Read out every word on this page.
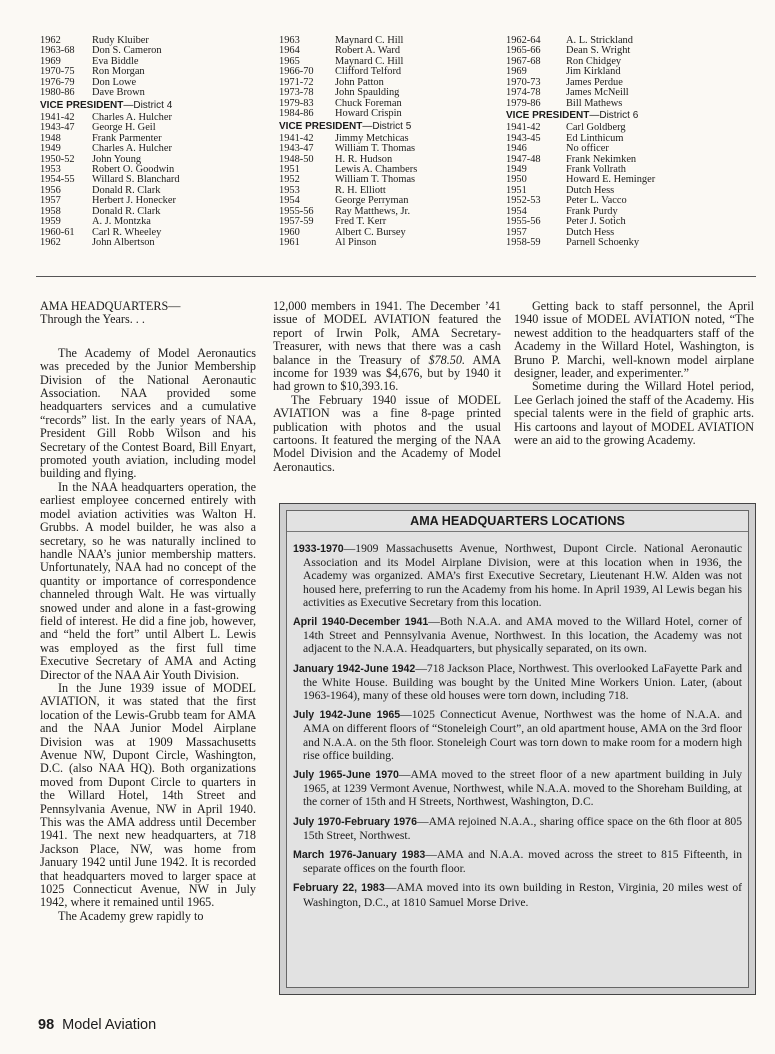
1962	Rudy Kluiber
1963-68	Don S. Cameron
1969	Eva Biddle
1970-75	Ron Morgan
1976-79	Don Lowe
1980-86	Dave Brown
VICE PRESIDENT—District 4
1941-42	Charles A. Hulcher
1943-47	George H. Geil
1948	Frank Parmenter
1949	Charles A. Hulcher
1950-52	John Young
1953	Robert O. Goodwin
1954-55	Willard S. Blanchard
1956	Donald R. Clark
1957	Herbert J. Honecker
1958	Donald R. Clark
1959	A. J. Montzka
1960-61	Carl R. Wheeley
1962	John Albertson
1963	Maynard C. Hill
1964	Robert A. Ward
1965	Maynard C. Hill
1966-70	Clifford Telford
1971-72	John Patton
1973-78	John Spaulding
1979-83	Chuck Foreman
1984-86	Howard Crispin
VICE PRESIDENT—District 5
1941-42	Jimmy Metchicas
1943-47	William T. Thomas
1948-50	H. R. Hudson
1951	Lewis A. Chambers
1952	William T. Thomas
1953	R. H. Elliott
1954	George Perryman
1955-56	Ray Matthews, Jr.
1957-59	Fred T. Kerr
1960	Albert C. Bursey
1961	Al Pinson
1962-64	A. L. Strickland
1965-66	Dean S. Wright
1967-68	Ron Chidgey
1969	Jim Kirkland
1970-73	James Perdue
1974-78	James McNeill
1979-86	Bill Mathews
VICE PRESIDENT—District 6
1941-42	Carl Goldberg
1943-45	Ed Linthicum
1946	No officer
1947-48	Frank Nekimken
1949	Frank Vollrath
1950	Howard E. Heminger
1951	Dutch Hess
1952-53	Peter L. Vacco
1954	Frank Purdy
1955-56	Peter J. Sotich
1957	Dutch Hess
1958-59	Parnell Schoenky
AMA HEADQUARTERS—
Through the Years. . .

The Academy of Model Aeronautics was preceded by the Junior Membership Division of the National Aeronautic Association. NAA provided some headquarters services and a cumulative “records” list. In the early years of NAA, President Gill Robb Wilson and his Secretary of the Contest Board, Bill Enyart, promoted youth aviation, including model building and flying.

In the NAA headquarters operation, the earliest employee concerned entirely with model aviation activities was Walton H. Grubbs. A model builder, he was also a secretary, so he was naturally inclined to handle NAA’s junior membership matters. Unfortunately, NAA had no concept of the quantity or importance of correspondence channeled through Walt. He was virtually snowed under and alone in a fast-growing field of interest. He did a fine job, however, and “held the fort” until Albert L. Lewis was employed as the first full time Executive Secretary of AMA and Acting Director of the NAA Air Youth Division.

In the June 1939 issue of MODEL AVIATION, it was stated that the first location of the Lewis-Grubb team for AMA and the NAA Junior Model Airplane Division was at 1909 Massachusetts Avenue NW, Dupont Circle, Washington, D.C. (also NAA HQ). Both organizations moved from Dupont Circle to quarters in the Willard Hotel, 14th Street and Pennsylvania Avenue, NW in April 1940. This was the AMA address until December 1941. The next new headquarters, at 718 Jackson Place, NW, was home from January 1942 until June 1942. It is recorded that headquarters moved to larger space at 1025 Connecticut Avenue, NW in July 1942, where it remained until 1965.

The Academy grew rapidly to

12,000 members in 1941. The December ’41 issue of MODEL AVIATION featured the report of Irwin Polk, AMA Secretary-Treasurer, with news that there was a cash balance in the Treasury of $78.50. AMA income for 1939 was $4,676, but by 1940 it had grown to $10,393.16.

The February 1940 issue of MODEL AVIATION was a fine 8-page printed publication with photos and the usual cartoons. It featured the merging of the NAA Model Division and the Academy of Model Aeronautics.

Getting back to staff personnel, the April 1940 issue of MODEL AVIATION noted, “The newest addition to the headquarters staff of the Academy in the Willard Hotel, Washington, is Bruno P. Marchi, well-known model airplane designer, leader, and experimenter.”

Sometime during the Willard Hotel period, Lee Gerlach joined the staff of the Academy. His special talents were in the field of graphic arts. His cartoons and layout of MODEL AVIATION were an aid to the growing Academy.

AMA HEADQUARTERS LOCATIONS
1933-1970—1909 Massachusetts Avenue, Northwest, Dupont Circle. National Aeronautic Association and its Model Airplane Division, were at this location when in 1936, the Academy was organized. AMA’s first Executive Secretary, Lieutenant H.W. Alden was not housed here, preferring to run the Academy from his home. In April 1939, Al Lewis began his activities as Executive Secretary from this location.
April 1940-December 1941—Both N.A.A. and AMA moved to the Willard Hotel, corner of 14th Street and Pennsylvania Avenue, Northwest. In this location, the Academy was not adjacent to the N.A.A. Headquarters, but physically separated, on its own.
January 1942-June 1942—718 Jackson Place, Northwest. This overlooked LaFayette Park and the White House. Building was bought by the United Mine Workers Union. Later, (about 1963-1964), many of these old houses were torn down, including 718.
July 1942-June 1965—1025 Connecticut Avenue, Northwest was the home of N.A.A. and AMA on different floors of “Stoneleigh Court”, an old apartment house, AMA on the 3rd floor and N.A.A. on the 5th floor. Stoneleigh Court was torn down to make room for a modern high rise office building.
July 1965-June 1970—AMA moved to the street floor of a new apartment building in July 1965, at 1239 Vermont Avenue, Northwest, while N.A.A. moved to the Shoreham Building, at the corner of 15th and H Streets, Northwest, Washington, D.C.
July 1970-February 1976—AMA rejoined N.A.A., sharing office space on the 6th floor at 805 15th Street, Northwest.
March 1976-January 1983—AMA and N.A.A. moved across the street to 815 Fifteenth, in separate offices on the fourth floor.
February 22, 1983—AMA moved into its own building in Reston, Virginia, 20 miles west of Washington, D.C., at 1810 Samuel Morse Drive.
98 Model Aviation
